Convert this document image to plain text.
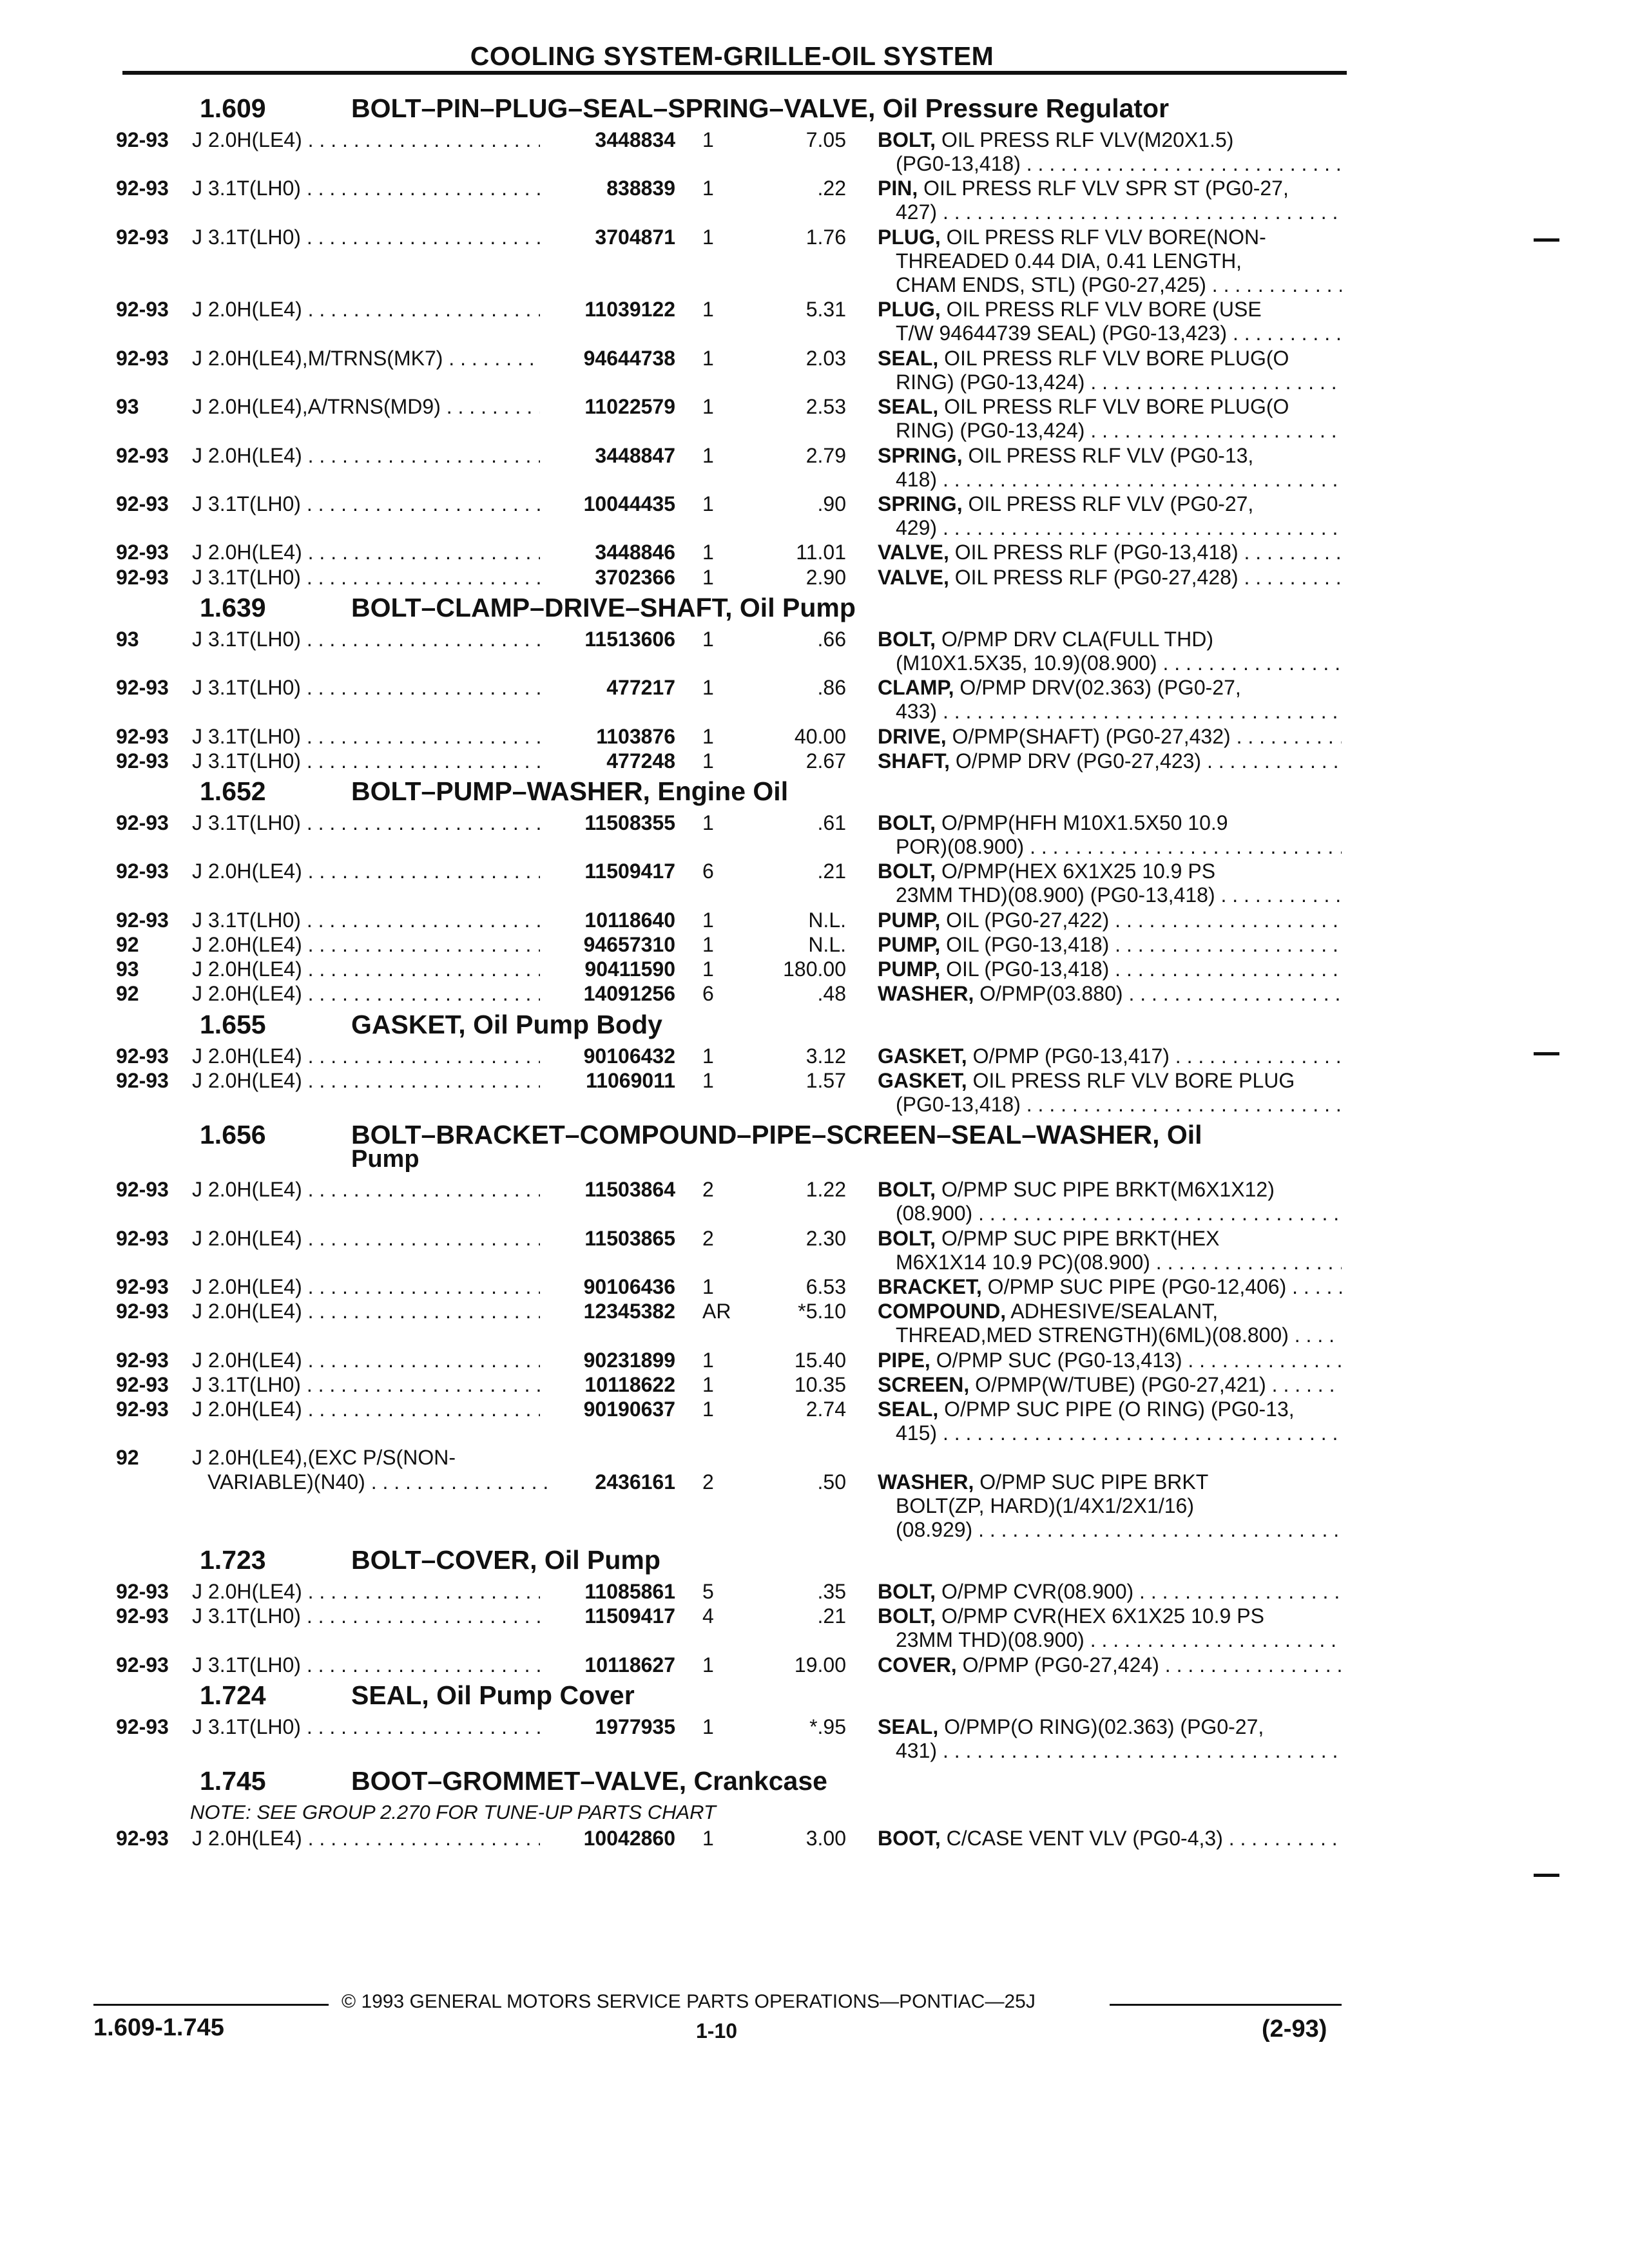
COOLING SYSTEM-GRILLE-OIL SYSTEM
1.609	BOLT–PIN–PLUG–SEAL–SPRING–VALVE, Oil Pressure Regulator
92-93 J 2.0H(LE4) . . .	3448834 1	7.05 BOLT, OIL PRESS RLF VLV(M20X1.5)
(PG0-13,418) . . .
92-93 J 3.1T(LH0) . . .	838839 1	.22 PIN, OIL PRESS RLF VLV SPR ST (PG0-27,
427) . . .
92-93 J 3.1T(LH0) . . .	3704871 1	1.76 PLUG, OIL PRESS RLF VLV BORE(NON-
THREADED 0.44 DIA, 0.41 LENGTH,
CHAM ENDS, STL) (PG0-27,425) . . .
92-93 J 2.0H(LE4) . . .	11039122 1	5.31 PLUG, OIL PRESS RLF VLV BORE (USE
T/W 94644739 SEAL) (PG0-13,423) . . .
92-93 J 2.0H(LE4),M/TRNS(MK7) . . .	94644738 1	2.03 SEAL, OIL PRESS RLF VLV BORE PLUG(O
RING) (PG0-13,424) . . .
93	J 2.0H(LE4),A/TRNS(MD9) . . .	11022579 1	2.53 SEAL, OIL PRESS RLF VLV BORE PLUG(O
RING) (PG0-13,424) . . .
92-93 J 2.0H(LE4) . . .	3448847 1	2.79 SPRING, OIL PRESS RLF VLV (PG0-13,
418) . . .
92-93 J 3.1T(LH0) . . .	10044435 1	.90 SPRING, OIL PRESS RLF VLV (PG0-27,
429) . . .
92-93 J 2.0H(LE4) . . .	3448846 1	11.01 VALVE, OIL PRESS RLF (PG0-13,418) . . .
92-93 J 3.1T(LH0) . . .	3702366 1	2.90 VALVE, OIL PRESS RLF (PG0-27,428) . . .
1.639	BOLT–CLAMP–DRIVE–SHAFT, Oil Pump
93	J 3.1T(LH0) . . .	11513606 1	.66 BOLT, O/PMP DRV CLA(FULL THD)
(M10X1.5X35, 10.9)(08.900) . . .
92-93 J 3.1T(LH0) . . .	477217 1	.86 CLAMP, O/PMP DRV(02.363) (PG0-27,
433) . . .
92-93 J 3.1T(LH0) . . .	1103876 1	40.00 DRIVE, O/PMP(SHAFT) (PG0-27,432) . . .
92-93 J 3.1T(LH0) . . .	477248 1	2.67 SHAFT, O/PMP DRV (PG0-27,423) . . .
1.652	BOLT–PUMP–WASHER, Engine Oil
92-93 J 3.1T(LH0) . . .	11508355 1	.61 BOLT, O/PMP(HFH M10X1.5X50 10.9
POR)(08.900) . . .
92-93 J 2.0H(LE4) . . .	11509417 6	.21 BOLT, O/PMP(HEX 6X1X25 10.9 PS
23MM THD)(08.900) (PG0-13,418) . . .
92-93 J 3.1T(LH0) . . .	10118640 1	N.L. PUMP, OIL (PG0-27,422) . . .
92	J 2.0H(LE4) . . .	94657310 1	N.L. PUMP, OIL (PG0-13,418) . . .
93	J 2.0H(LE4) . . .	90411590 1	180.00 PUMP, OIL (PG0-13,418) . . .
92	J 2.0H(LE4) . . .	14091256 6	.48 WASHER, O/PMP(03.880) . . .
1.655	GASKET, Oil Pump Body
92-93 J 2.0H(LE4) . . .	90106432 1	3.12 GASKET, O/PMP (PG0-13,417) . . .
92-93 J 2.0H(LE4) . . .	11069011 1	1.57 GASKET, OIL PRESS RLF VLV BORE PLUG
(PG0-13,418) . . .
1.656	BOLT–BRACKET–COMPOUND–PIPE–SCREEN–SEAL–WASHER, Oil
Pump
92-93 J 2.0H(LE4) . . .	11503864 2	1.22 BOLT, O/PMP SUC PIPE BRKT(M6X1X12)
(08.900) . . .
92-93 J 2.0H(LE4) . . .	11503865 2	2.30 BOLT, O/PMP SUC PIPE BRKT(HEX
M6X1X14 10.9 PC)(08.900) . . .
92-93 J 2.0H(LE4) . . .	90106436 1	6.53 BRACKET, O/PMP SUC PIPE (PG0-12,406) . . .
92-93 J 2.0H(LE4) . . .	12345382 AR	*5.10 COMPOUND, ADHESIVE/SEALANT,
THREAD,MED STRENGTH)(6ML)(08.800) . . .
92-93 J 2.0H(LE4) . . .	90231899 1	15.40 PIPE, O/PMP SUC (PG0-13,413) . . .
92-93 J 3.1T(LH0) . . .	10118622 1	10.35 SCREEN, O/PMP(W/TUBE) (PG0-27,421) . . .
92-93 J 2.0H(LE4) . . .	90190637 1	2.74 SEAL, O/PMP SUC PIPE (O RING) (PG0-13,
415) . . .
92	J 2.0H(LE4),(EXC P/S(NON-
VARIABLE)(N40) . . .	2436161 2	.50 WASHER, O/PMP SUC PIPE BRKT
BOLT(ZP, HARD)(1/4X1/2X1/16)
(08.929) . . .
1.723	BOLT–COVER, Oil Pump
92-93 J 2.0H(LE4) . . .	11085861 5	.35 BOLT, O/PMP CVR(08.900) . . .
92-93 J 3.1T(LH0) . . .	11509417 4	.21 BOLT, O/PMP CVR(HEX 6X1X25 10.9 PS
23MM THD)(08.900) . . .
92-93 J 3.1T(LH0) . . .	10118627 1	19.00 COVER, O/PMP (PG0-27,424) . . .
1.724	SEAL, Oil Pump Cover
92-93 J 3.1T(LH0) . . .	1977935 1	*.95 SEAL, O/PMP(O RING)(02.363) (PG0-27,
431) . . .
1.745	BOOT–GROMMET–VALVE, Crankcase
NOTE: SEE GROUP 2.270 FOR TUNE-UP PARTS CHART
92-93 J 2.0H(LE4) . . .	10042860 1	3.00 BOOT, C/CASE VENT VLV (PG0-4,3) . . .
© 1993 GENERAL MOTORS SERVICE PARTS OPERATIONS—PONTIAC—25J
1.609-1.745	1-10	(2-93)
